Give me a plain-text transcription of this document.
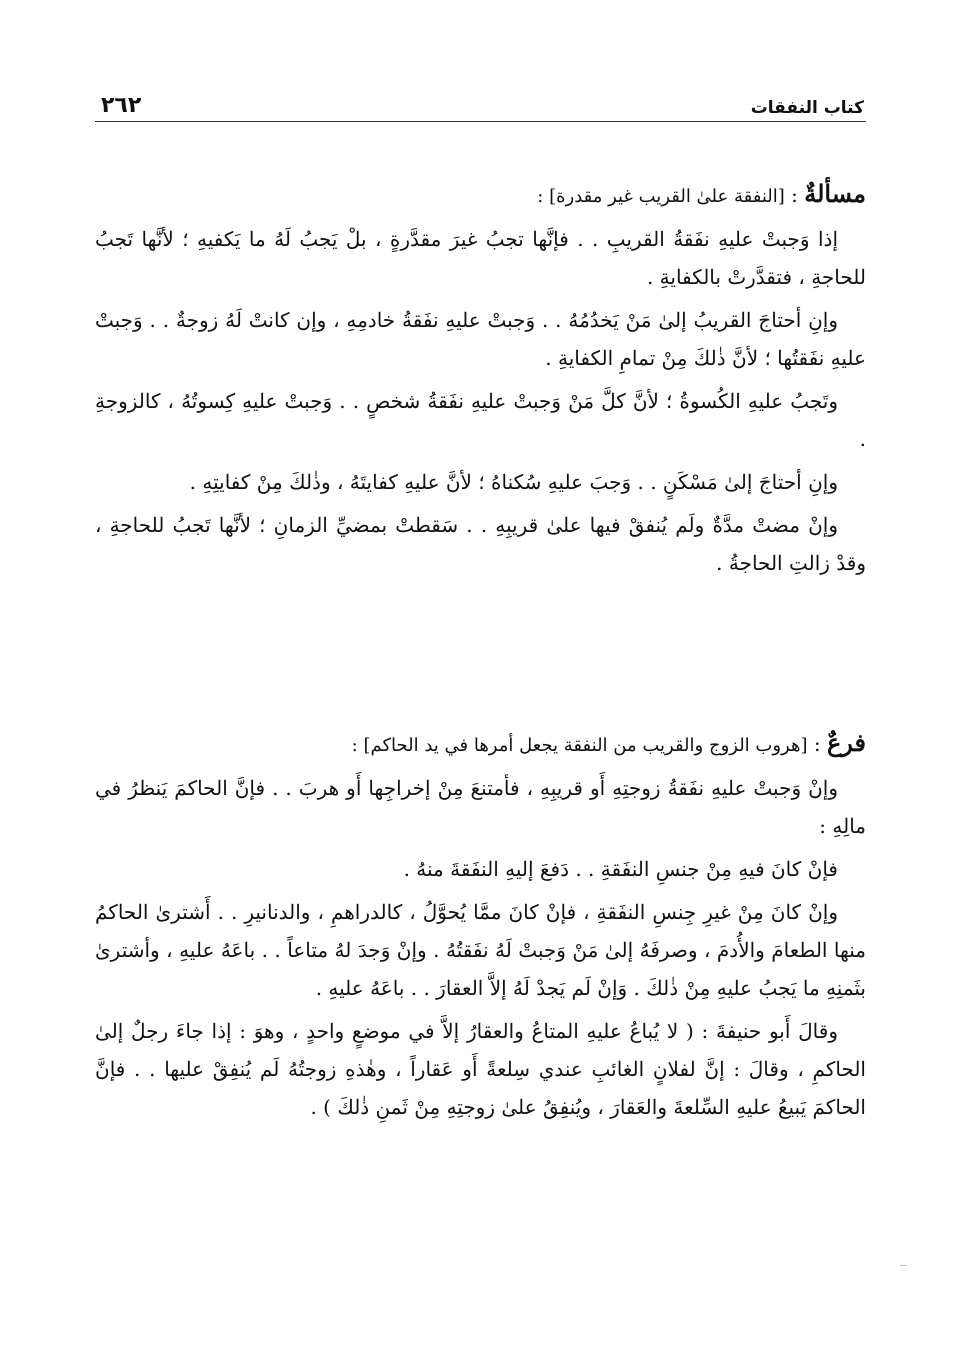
كتاب النفقات
٢٦٢

مسألةٌ : [النفقة علىٰ القريب غير مقدرة] :

إذا وَجبتْ عليهِ نفَقةُ القريبِ . . فإنَّها تجبُ غيرَ مقدَّرةٍ ، بلْ يَجبُ لَهُ ما يَكفيهِ ؛ لأنَّها تَجبُ للحاجةِ ، فتقدَّرتْ بالكفايةِ .

وإنِ أحتاجَ القريبُ إلىٰ مَنْ يَخدُمُهُ . . وَجبتْ عليهِ نفَقةُ خادمِهِ ، وإن كانتْ لَهُ زوجةٌ . . وَجبتْ عليهِ نفَقتُها ؛ لأنَّ ذٰلكَ مِنْ تمامِ الكفايةِ .

وتَجبُ عليهِ الكُسوةُ ؛ لأنَّ كلَّ مَنْ وَجبتْ عليهِ نفَقةُ شخصٍ . . وَجبتْ عليهِ كِسوتُهُ ، كالزوجةِ .

وإنِ أحتاجَ إلىٰ مَسْكَنٍ . . وَجبَ عليهِ سُكناهُ ؛ لأنَّ عليهِ كفايتَهُ ، وذٰلكَ مِنْ كفايتِهِ .

وإنْ مضتْ مدَّةٌ ولَم يُنفقْ فيها علىٰ قريبِهِ . . سَقطتْ بمضيِّ الزمانِ ؛ لأنَّها تَجبُ للحاجةِ ، وقدْ زالتِ الحاجةُ .

فرعٌ : [هروب الزوج والقريب من النفقة يجعل أمرها في يد الحاكم] :

وإنْ وَجبتْ عليهِ نفَقةُ زوجتِهِ أَو قريبِهِ ، فأمتنعَ مِنْ إخراجِها أَو هربَ . . فإنَّ الحاكمَ يَنظرُ في مالِهِ :

فإنْ كانَ فيهِ مِنْ جنسِ النفَقةِ . . دَفعَ إليهِ النفَقةَ منهُ .

وإنْ كانَ مِنْ غيرِ جِنسِ النفَقةِ ، فإنْ كانَ ممَّا يُحوَّلُ ، كالدراهمِ ، والدنانيرِ . . أَشترىٰ الحاكمُ منها الطعامَ والأُدمَ ، وصرفَهُ إلىٰ مَنْ وَجبتْ لَهُ نفَقتُهُ . وإنْ وَجدَ لهُ متاعاً . . باعَهُ عليهِ ، وأشترىٰ بثَمنِهِ ما يَجبُ عليهِ مِنْ ذٰلكَ . وَإنْ لَم يَجدْ لَهُ إلاَّ العقارَ . . باعَهُ عليهِ .

وقالَ أَبو حنيفةَ : ( لا يُباعُ عليهِ المتاعُ والعقارُ إلاَّ في موضعٍ واحدٍ ، وهوَ : إذا جاءَ رجلٌ إلىٰ الحاكمِ ، وقالَ : إنَّ لفلانٍ الغائبِ عندي سِلعةً أَو عَقاراً ، وهٰذهِ زوجتُهُ لَم يُنفِقْ عليها . . فإنَّ الحاكمَ يَبيعُ عليهِ السِّلعةَ والعَقارَ ، ويُنفِقُ علىٰ زوجتِهِ مِنْ ثَمنِ ذٰلكَ ) .
